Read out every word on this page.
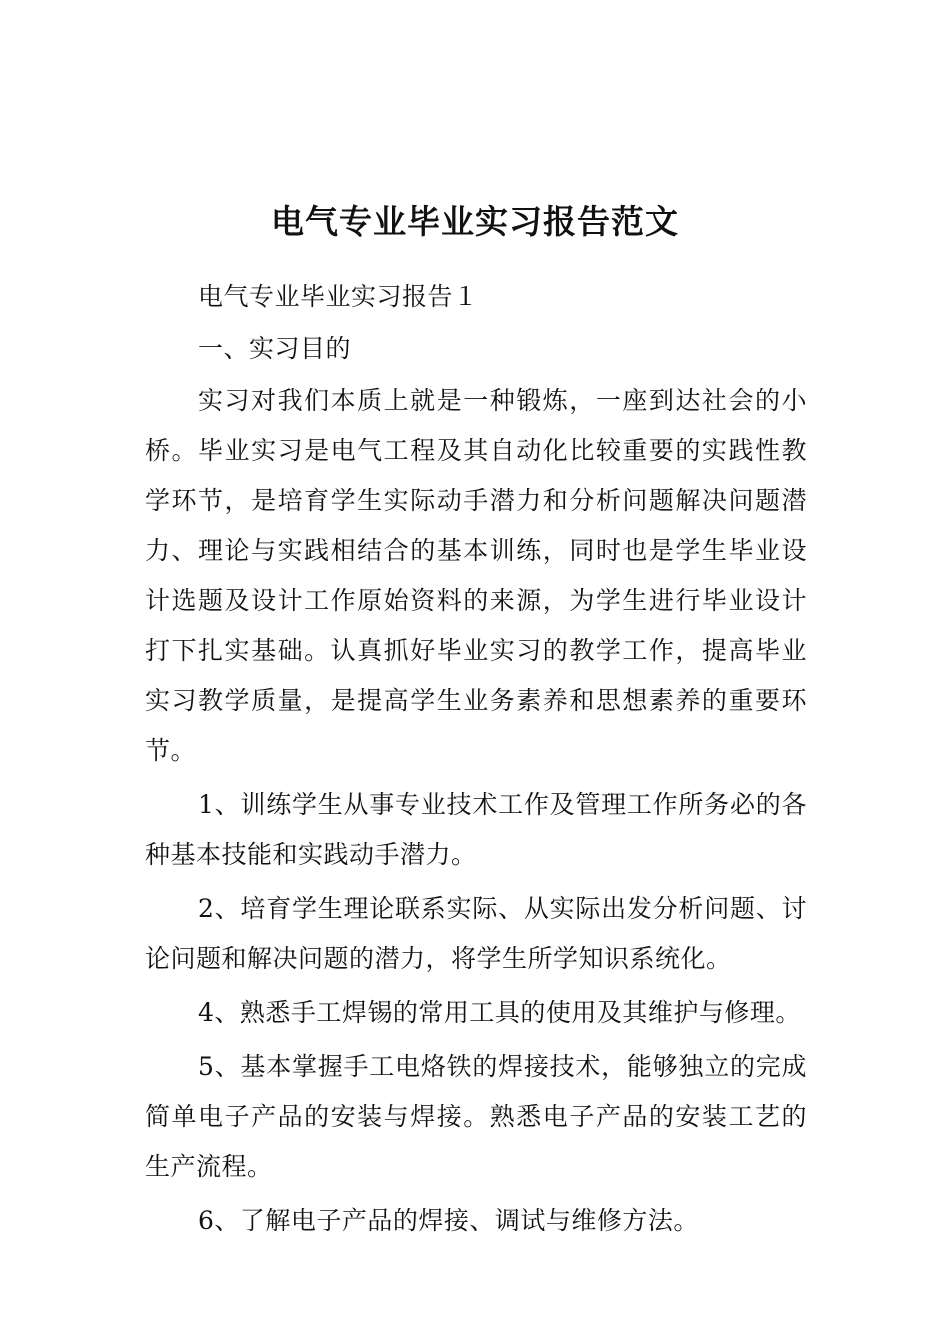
电气专业毕业实习报告范文

电气专业毕业实习报告１

一、实习目的

实习对我们本质上就是一种锻炼，一座到达社会的小桥。毕业实习是电气工程及其自动化比较重要的实践性教学环节，是培育学生实际动手潜力和分析问题解决问题潜力、理论与实践相结合的基本训练，同时也是学生毕业设计选题及设计工作原始资料的来源，为学生进行毕业设计打下扎实基础。认真抓好毕业实习的教学工作，提高毕业实习教学质量，是提高学生业务素养和思想素养的重要环节。

1、训练学生从事专业技术工作及管理工作所务必的各种基本技能和实践动手潜力。

2、培育学生理论联系实际、从实际出发分析问题、讨论问题和解决问题的潜力，将学生所学知识系统化。

4、熟悉手工焊锡的常用工具的使用及其维护与修理。

5、基本掌握手工电烙铁的焊接技术，能够独立的完成简单电子产品的安装与焊接。熟悉电子产品的安装工艺的生产流程。

6、了解电子产品的焊接、调试与维修方法。
